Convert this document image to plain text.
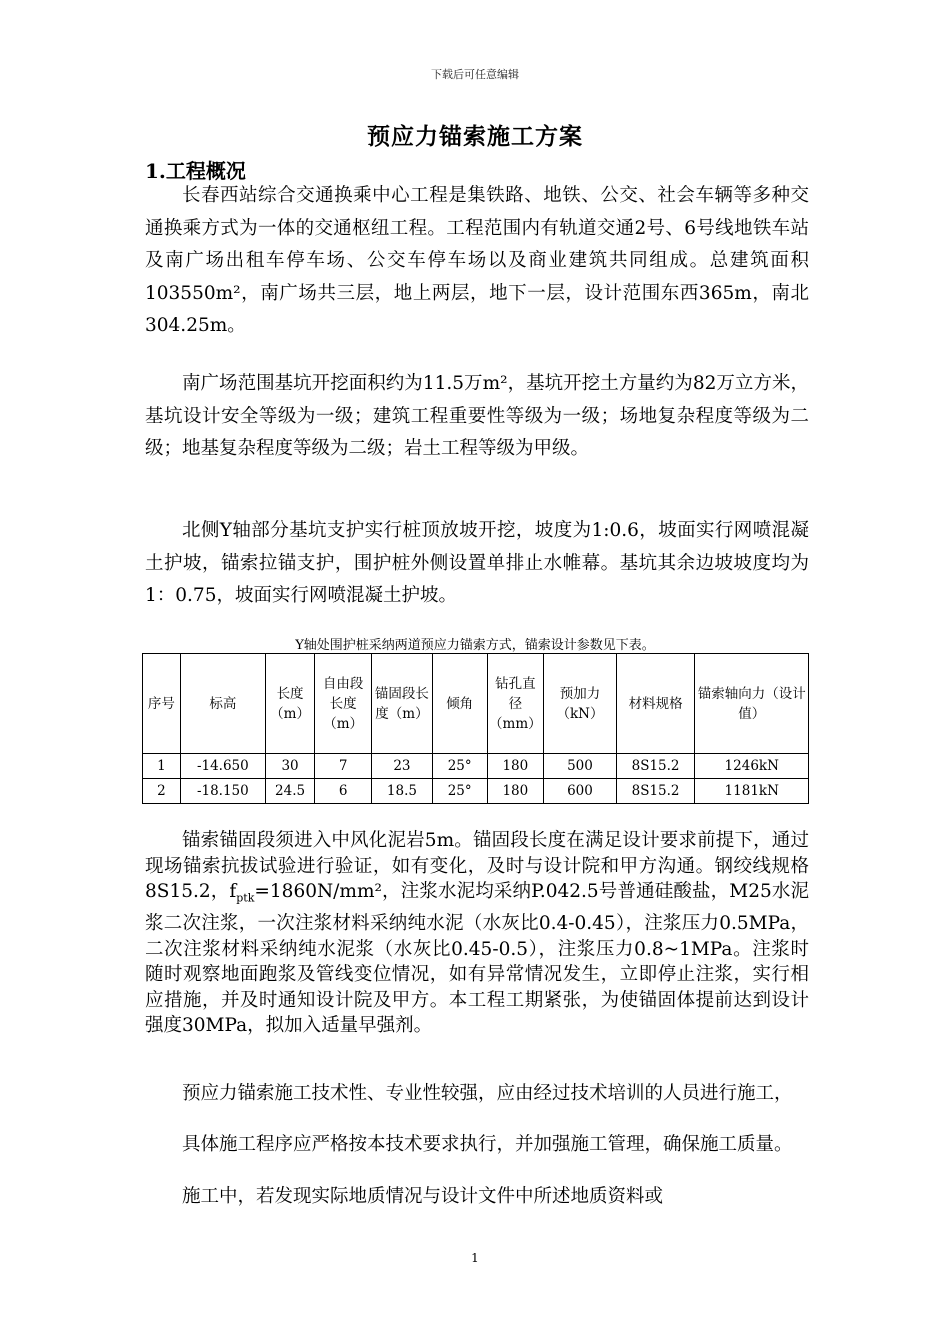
下载后可任意编辑
预应力锚索施工方案
1.工程概况

长春西站综合交通换乘中心工程是集铁路、地铁、公交、社会车辆等多种交通换乘方式为一体的交通枢纽工程。工程范围内有轨道交通2号、6号线地铁车站及南广场出租车停车场、公交车停车场以及商业建筑共同组成。总建筑面积103550m²，南广场共三层，地上两层，地下一层，设计范围东西365m，南北304.25m。

南广场范围基坑开挖面积约为11.5万m²，基坑开挖土方量约为82万立方米，基坑设计安全等级为一级；建筑工程重要性等级为一级；场地复杂程度等级为二级；地基复杂程度等级为二级；岩土工程等级为甲级。

北侧Y轴部分基坑支护实行桩顶放坡开挖，坡度为1:0.6，坡面实行网喷混凝土护坡，锚索拉锚支护，围护桩外侧设置单排止水帷幕。基坑其余边坡坡度均为1：0.75，坡面实行网喷混凝土护坡。

Y轴处围护桩采纳两道预应力锚索方式，锚索设计参数见下表。
序号	标高	长度（m）	自由段长度（m）	锚固段长度（m）	倾角	钻孔直径（mm）	预加力（kN）	材料规格	锚索轴向力（设计值）
1	-14.650	30	7	23	25°	180	500	8S15.2	1246kN
2	-18.150	24.5	6	18.5	25°	180	600	8S15.2	1181kN

锚索锚固段须进入中风化泥岩5m。锚固段长度在满足设计要求前提下，通过现场锚索抗拔试验进行验证，如有变化，及时与设计院和甲方沟通。钢绞线规格8S15.2，$f_{ptk}=1860N$/mm²，注浆水泥均采纳P.042.5号普通硅酸盐，M25水泥浆二次注浆，一次注浆材料采纳纯水泥（水灰比0.4-0.45），注浆压力0.5MPa，二次注浆材料采纳纯水泥浆（水灰比0.45-0.5），注浆压力0.8~1MPa。注浆时随时观察地面跑浆及管线变位情况，如有异常情况发生，立即停止注浆，实行相应措施，并及时通知设计院及甲方。本工程工期紧张，为使锚固体提前达到设计强度30MPa，拟加入适量早强剂。

预应力锚索施工技术性、专业性较强，应由经过技术培训的人员进行施工，

具体施工程序应严格按本技术要求执行，并加强施工管理，确保施工质量。

施工中，若发现实际地质情况与设计文件中所述地质资料或

1
